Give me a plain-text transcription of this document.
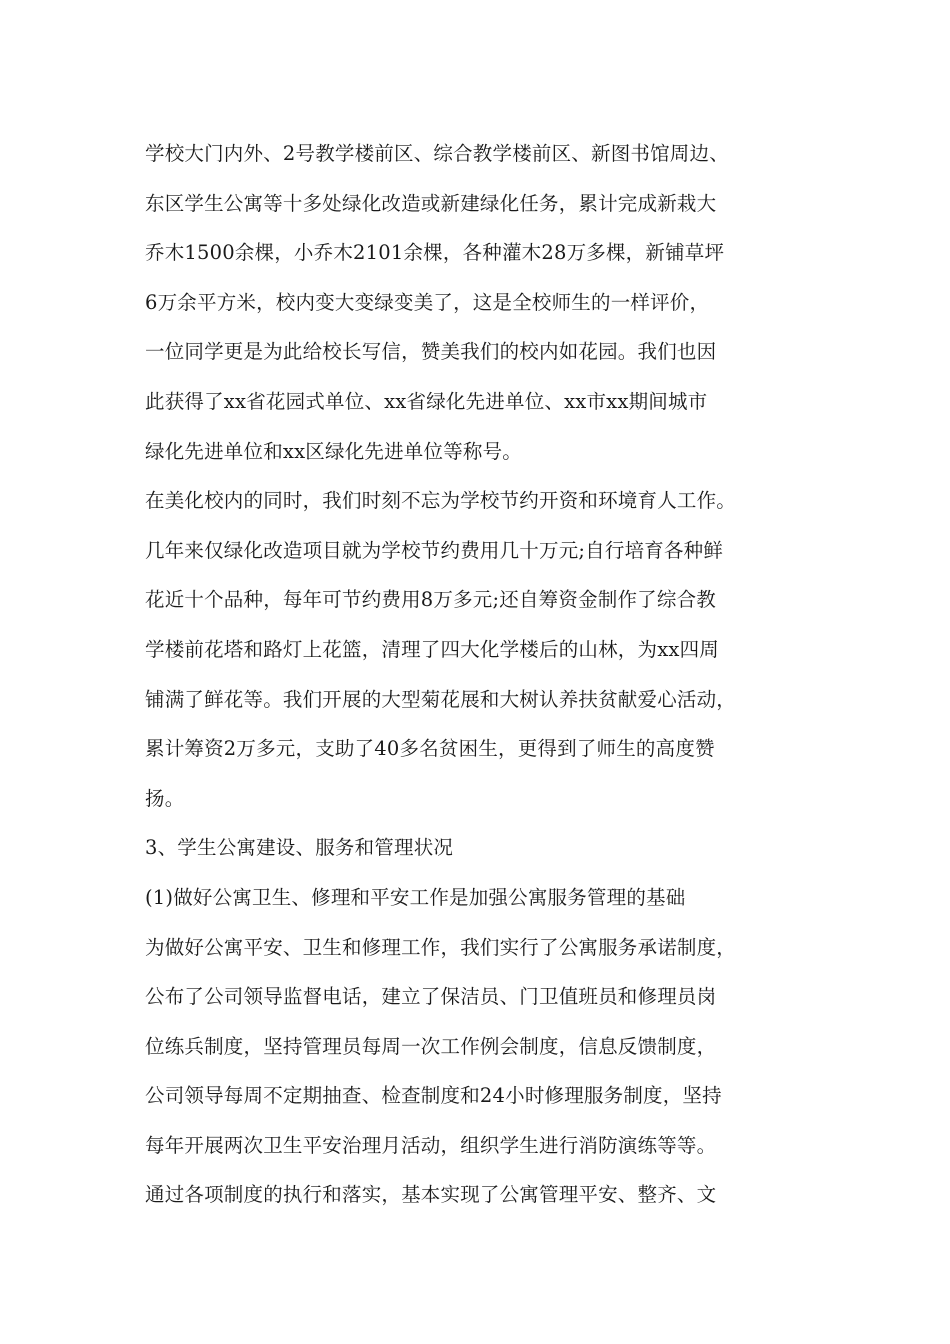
学校大门内外、2号教学楼前区、综合教学楼前区、新图书馆周边、
东区学生公寓等十多处绿化改造或新建绿化任务，累计完成新栽大
乔木1500余棵，小乔木2101余棵，各种灌木28万多棵，新铺草坪
6万余平方米，校内变大变绿变美了，这是全校师生的一样评价，
一位同学更是为此给校长写信，赞美我们的校内如花园。我们也因
此获得了xx省花园式单位、xx省绿化先进单位、xx市xx期间城市
绿化先进单位和xx区绿化先进单位等称号。
在美化校内的同时，我们时刻不忘为学校节约开资和环境育人工作。
几年来仅绿化改造项目就为学校节约费用几十万元;自行培育各种鲜
花近十个品种，每年可节约费用8万多元;还自筹资金制作了综合教
学楼前花塔和路灯上花篮，清理了四大化学楼后的山林，为xx四周
铺满了鲜花等。我们开展的大型菊花展和大树认养扶贫献爱心活动，
累计筹资2万多元，支助了40多名贫困生，更得到了师生的高度赞
扬。
3、学生公寓建设、服务和管理状况
(1)做好公寓卫生、修理和平安工作是加强公寓服务管理的基础
为做好公寓平安、卫生和修理工作，我们实行了公寓服务承诺制度，
公布了公司领导监督电话，建立了保洁员、门卫值班员和修理员岗
位练兵制度，坚持管理员每周一次工作例会制度，信息反馈制度，
公司领导每周不定期抽查、检查制度和24小时修理服务制度，坚持
每年开展两次卫生平安治理月活动，组织学生进行消防演练等等。
通过各项制度的执行和落实，基本实现了公寓管理平安、整齐、文
